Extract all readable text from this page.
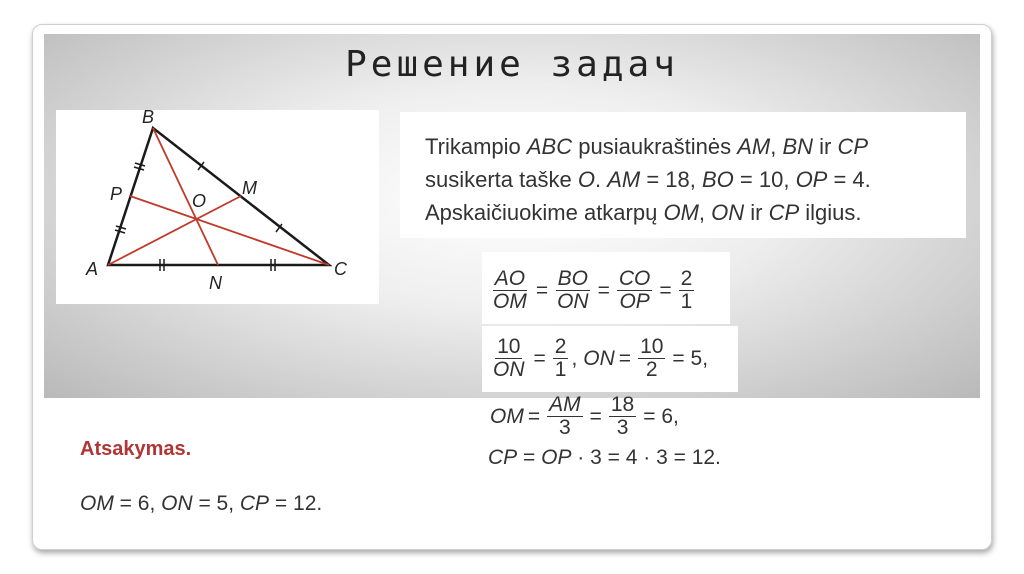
Решение задач
A
B
C
M
N
O
P
Trikampio ABC pusiaukraštinės AM, BN ir CP
susikerta taške O. AM = 18, BO = 10, OP = 4.
Apskaičiuokime atkarpų OM, ON ir CP ilgius.
$\frac{AO}{OM} = \frac{BO}{ON} = \frac{CO}{OP} = \frac{2}{1}$
$\frac{10}{ON} = \frac{2}{1}$ , ON = $\frac{10}{2} = 5$,
OM = $\frac{AM}{3} = \frac{18}{3} = 6$,
CP = OP · 3 = 4 · 3 = 12.
Atsakymas.
OM = 6, ON = 5, CP = 12.
